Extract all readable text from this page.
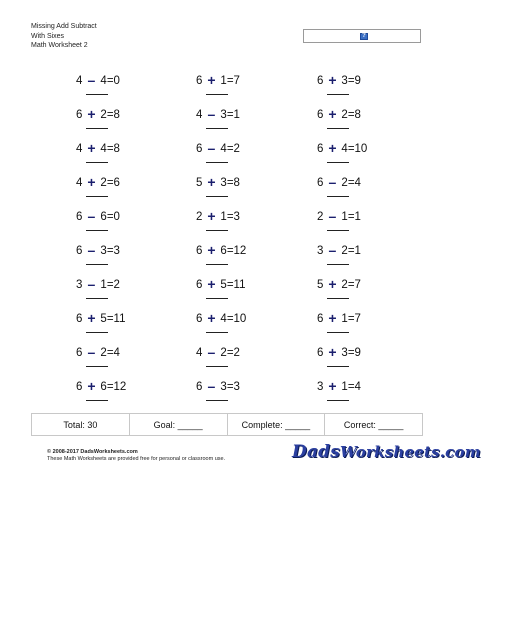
Missing Add Subtract
With Sixes
Math Worksheet 2
?
4 – 4=0	6 + 1=7	6 + 3=9
6 + 2=8	4 – 3=1	6 + 2=8
4 + 4=8	6 – 4=2	6 + 4=10
4 + 2=6	5 + 3=8	6 – 2=4
6 – 6=0	2 + 1=3	2 – 1=1
6 – 3=3	6 + 6=12	3 – 2=1
3 – 1=2	6 + 5=11	5 + 2=7
6 + 5=11	6 + 4=10	6 + 1=7
6 – 2=4	4 – 2=2	6 + 3=9
6 + 6=12	6 – 3=3	3 + 1=4
Total: 30	Goal: _____	Complete: _____	Correct: _____
© 2008-2017 DadsWorksheets.com
These Math Worksheets are provided free for personal or classroom use.	DadsWorksheets.com
